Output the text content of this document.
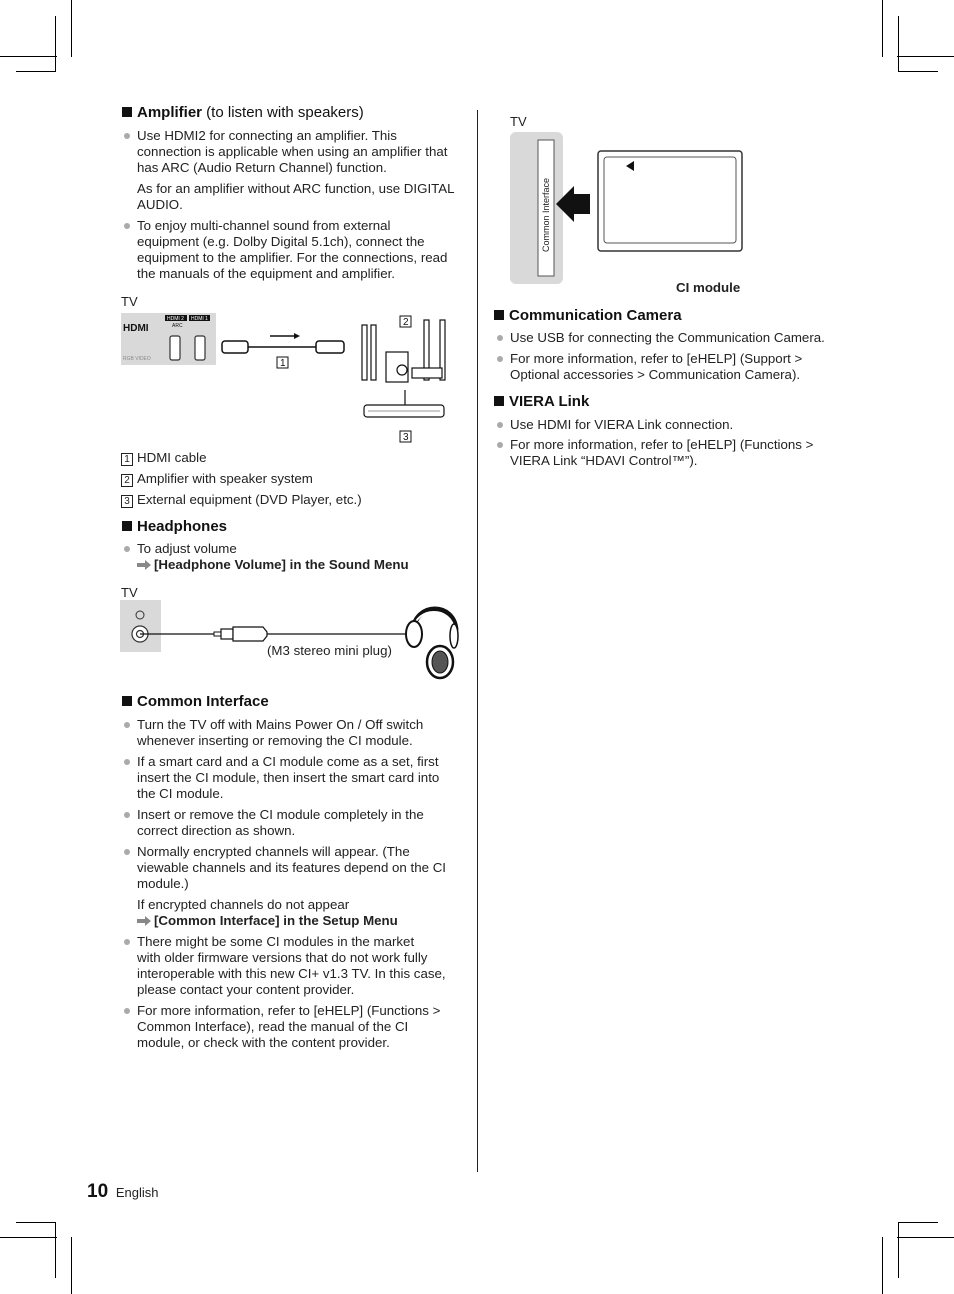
Amplifier (to listen with speakers)
Use HDMI2 for connecting an amplifier. This
connection is applicable when using an amplifier that
has ARC (Audio Return Channel) function.
As for an amplifier without ARC function, use DIGITAL
AUDIO.
To enjoy multi-channel sound from external
equipment (e.g. Dolby Digital 5.1ch), connect the
equipment to the amplifier. For the connections, read
the manuals of the equipment and amplifier.
TV
HDMI
HDMI 2 HDMI 1
ARC
RGB VIDEO	1
2
3
1 HDMI cable
2 Amplifier with speaker system
3 External equipment (DVD Player, etc.)
Headphones
To adjust volume
[Headphone Volume] in the Sound Menu
TV
(M3 stereo mini plug)
Common Interface
Turn the TV off with Mains Power On / Off switch
whenever inserting or removing the CI module.
If a smart card and a CI module come as a set, first
insert the CI module, then insert the smart card into
the CI module.
Insert or remove the CI module completely in the
correct direction as shown.
Normally encrypted channels will appear. (The
viewable channels and its features depend on the CI
module.)
If encrypted channels do not appear
[Common Interface] in the Setup Menu
There might be some CI modules in the market
with older firmware versions that do not work fully
interoperable with this new CI+ v1.3 TV. In this case,
please contact your content provider.
For more information, refer to [eHELP] (Functions >
Common Interface), read the manual of the CI
module, or check with the content provider.
TV
Common Interface
CI module
Communication Camera
Use USB for connecting the Communication Camera.
For more information, refer to [eHELP] (Support >
Optional accessories > Communication Camera).
VIERA Link
Use HDMI for VIERA Link connection.
For more information, refer to [eHELP] (Functions >
VIERA Link “HDAVI Control™”).
10 English
